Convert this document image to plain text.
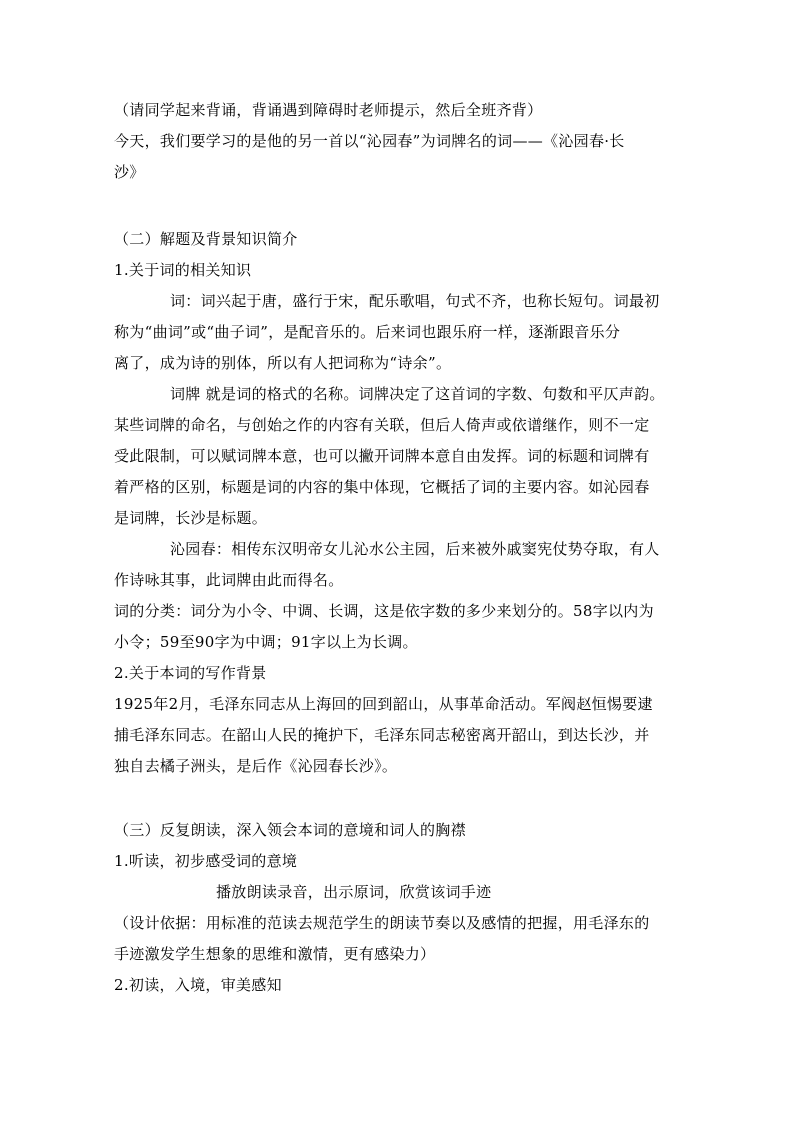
（请同学起来背诵，背诵遇到障碍时老师提示，然后全班齐背）
今天，我们要学习的是他的另一首以“沁园春”为词牌名的词——《沁园春·长
沙》
（二）解题及背景知识简介
1.关于词的相关知识
词：词兴起于唐，盛行于宋，配乐歌唱，句式不齐，也称长短句。词最初
称为“曲词”或“曲子词”，是配音乐的。后来词也跟乐府一样，逐渐跟音乐分
离了，成为诗的别体，所以有人把词称为“诗余”。
词牌 就是词的格式的名称。词牌决定了这首词的字数、句数和平仄声韵。
某些词牌的命名，与创始之作的内容有关联，但后人倚声或依谱继作，则不一定
受此限制，可以赋词牌本意，也可以撇开词牌本意自由发挥。词的标题和词牌有
着严格的区别，标题是词的内容的集中体现，它概括了词的主要内容。如沁园春
是词牌，长沙是标题。
沁园春：相传东汉明帝女儿沁水公主园，后来被外戚窦宪仗势夺取，有人
作诗咏其事，此词牌由此而得名。
词的分类：词分为小令、中调、长调，这是依字数的多少来划分的。58字以内为
小令；59至90字为中调；91字以上为长调。
2.关于本词的写作背景
1925年2月，毛泽东同志从上海回的回到韶山，从事革命活动。军阀赵恒惕要逮
捕毛泽东同志。在韶山人民的掩护下，毛泽东同志秘密离开韶山，到达长沙，并
独自去橘子洲头，是后作《沁园春长沙》。
（三）反复朗读，深入领会本词的意境和词人的胸襟
1.听读，初步感受词的意境
播放朗读录音，出示原词，欣赏该词手迹
（设计依据：用标准的范读去规范学生的朗读节奏以及感情的把握，用毛泽东的
手迹激发学生想象的思维和激情，更有感染力）
2.初读，入境，审美感知
